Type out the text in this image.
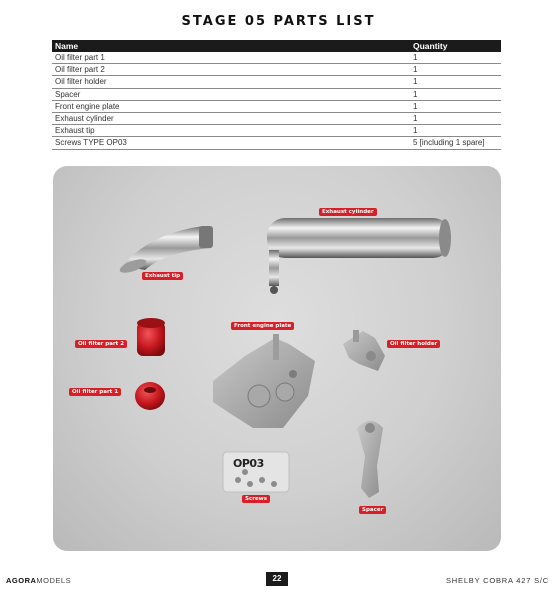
STAGE 05 PARTS LIST
Name	Quantity
Oil filter part 1	1
Oil filter part 2	1
Oil filter holder	1
Spacer	1
Front engine plate	1
Exhaust cylinder	1
Exhaust tip	1
Screws TYPE OP03	5 [including 1 spare]
Exhaust cylinder
Exhaust tip
Front engine plate
Oil filter part 2	Oil filter holder
Oil filter part 1
Screws
Spacer
OP03
AGORAMODELS	22	SHELBY COBRA 427 S/C
